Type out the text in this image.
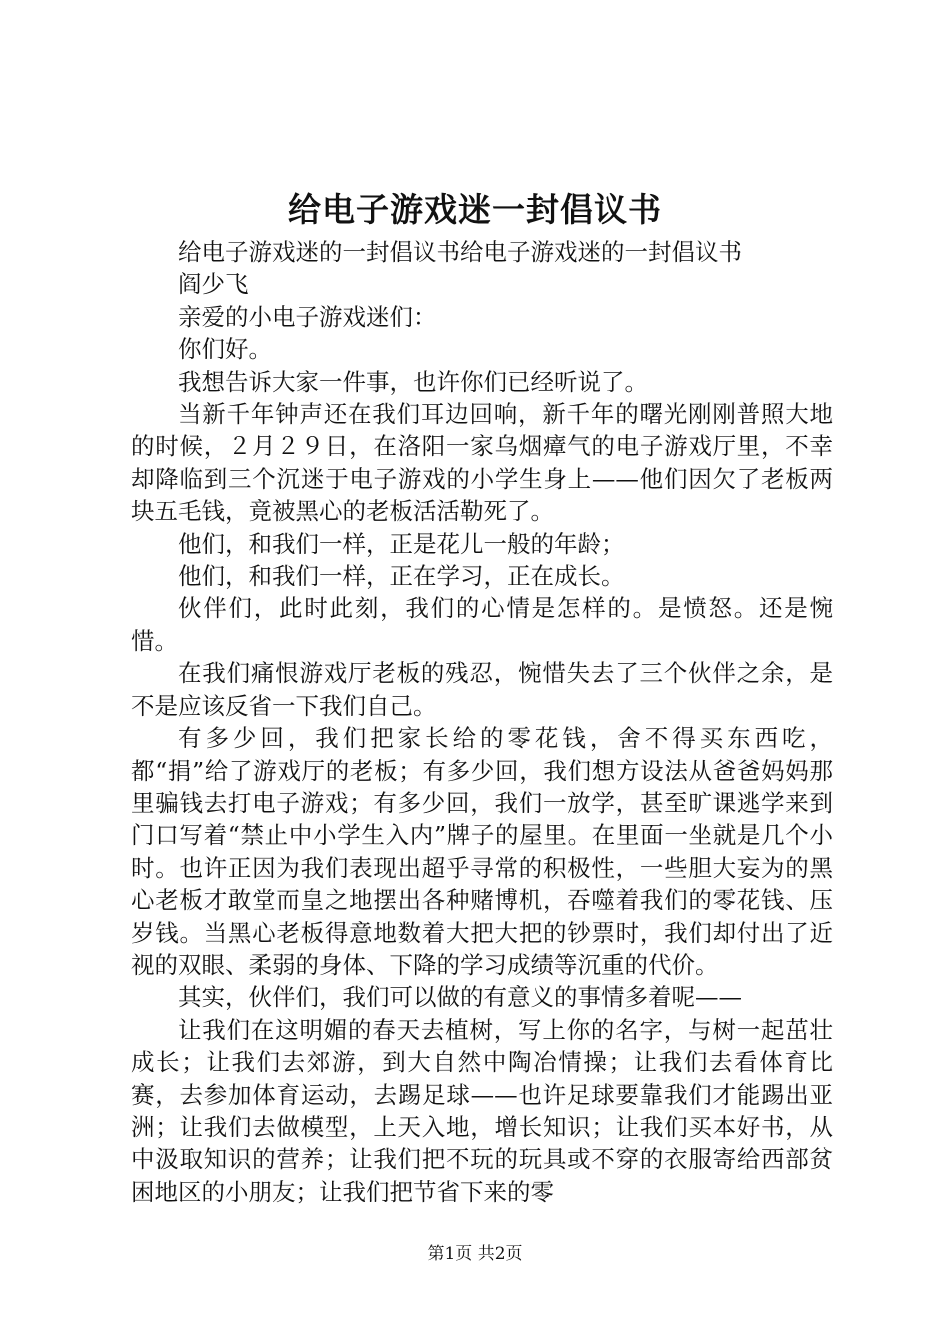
给电子游戏迷一封倡议书

给电子游戏迷的一封倡议书给电子游戏迷的一封倡议书

阎少飞

亲爱的小电子游戏迷们：

你们好。

我想告诉大家一件事，也许你们已经听说了。

当新千年钟声还在我们耳边回响，新千年的曙光刚刚普照大地的时候，２月２９日，在洛阳一家乌烟瘴气的电子游戏厅里，不幸却降临到三个沉迷于电子游戏的小学生身上——他们因欠了老板两块五毛钱，竟被黑心的老板活活勒死了。

他们，和我们一样，正是花儿一般的年龄；

他们，和我们一样，正在学习，正在成长。

伙伴们，此时此刻，我们的心情是怎样的。是愤怒。还是惋惜。

在我们痛恨游戏厅老板的残忍，惋惜失去了三个伙伴之余，是不是应该反省一下我们自己。

有多少回，我们把家长给的零花钱，舍不得买东西吃，都“捐”给了游戏厅的老板；有多少回，我们想方设法从爸爸妈妈那里骗钱去打电子游戏；有多少回，我们一放学，甚至旷课逃学来到门口写着“禁止中小学生入内”牌子的屋里。在里面一坐就是几个小时。也许正因为我们表现出超乎寻常的积极性，一些胆大妄为的黑心老板才敢堂而皇之地摆出各种赌博机，吞噬着我们的零花钱、压岁钱。当黑心老板得意地数着大把大把的钞票时，我们却付出了近视的双眼、柔弱的身体、下降的学习成绩等沉重的代价。

其实，伙伴们，我们可以做的有意义的事情多着呢——

让我们在这明媚的春天去植树，写上你的名字，与树一起茁壮成长；让我们去郊游，到大自然中陶冶情操；让我们去看体育比赛，去参加体育运动，去踢足球——也许足球要靠我们才能踢出亚洲；让我们去做模型，上天入地，增长知识；让我们买本好书，从中汲取知识的营养；让我们把不玩的玩具或不穿的衣服寄给西部贫困地区的小朋友；让我们把节省下来的零

第1页 共2页
